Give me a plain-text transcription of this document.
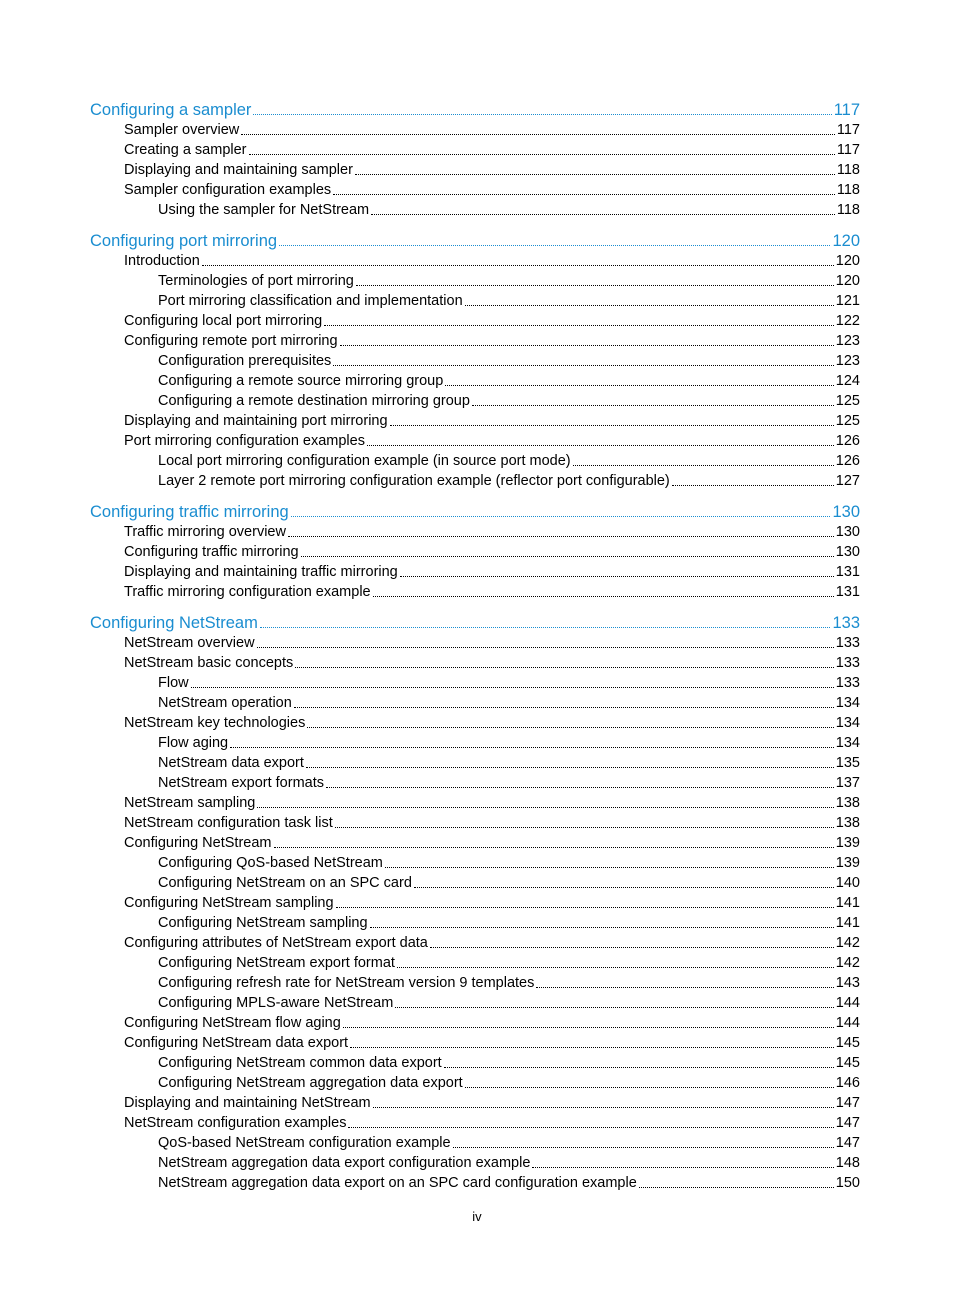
Configuring a sampler	117
Sampler overview	117
Creating a sampler	117
Displaying and maintaining sampler	118
Sampler configuration examples	118
Using the sampler for NetStream	118
Configuring port mirroring	120
Introduction	120
Terminologies of port mirroring	120
Port mirroring classification and implementation	121
Configuring local port mirroring	122
Configuring remote port mirroring	123
Configuration prerequisites	123
Configuring a remote source mirroring group	124
Configuring a remote destination mirroring group	125
Displaying and maintaining port mirroring	125
Port mirroring configuration examples	126
Local port mirroring configuration example (in source port mode)	126
Layer 2 remote port mirroring configuration example (reflector port configurable)	127
Configuring traffic mirroring	130
Traffic mirroring overview	130
Configuring traffic mirroring	130
Displaying and maintaining traffic mirroring	131
Traffic mirroring configuration example	131
Configuring NetStream	133
NetStream overview	133
NetStream basic concepts	133
Flow	133
NetStream operation	134
NetStream key technologies	134
Flow aging	134
NetStream data export	135
NetStream export formats	137
NetStream sampling	138
NetStream configuration task list	138
Configuring NetStream	139
Configuring QoS-based NetStream	139
Configuring NetStream on an SPC card	140
Configuring NetStream sampling	141
Configuring NetStream sampling	141
Configuring attributes of NetStream export data	142
Configuring NetStream export format	142
Configuring refresh rate for NetStream version 9 templates	143
Configuring MPLS-aware NetStream	144
Configuring NetStream flow aging	144
Configuring NetStream data export	145
Configuring NetStream common data export	145
Configuring NetStream aggregation data export	146
Displaying and maintaining NetStream	147
NetStream configuration examples	147
QoS-based NetStream configuration example	147
NetStream aggregation data export configuration example	148
NetStream aggregation data export on an SPC card configuration example	150
iv
